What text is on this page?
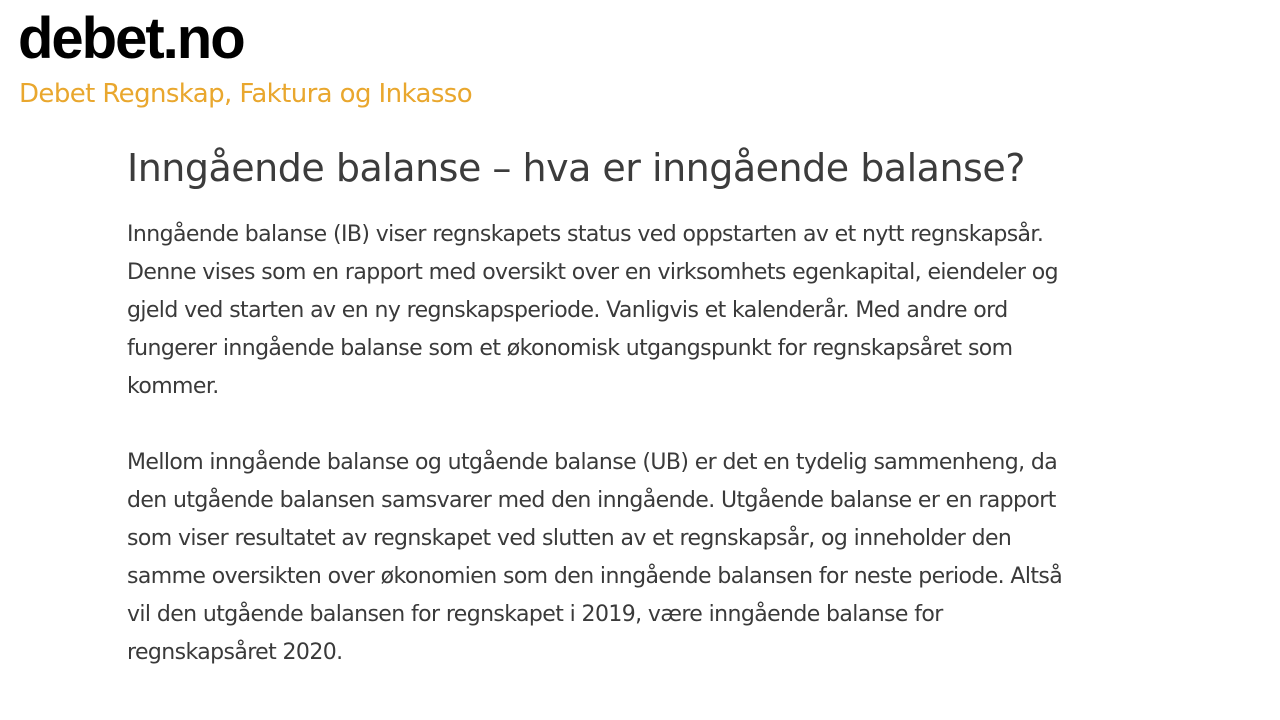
debet.no
Debet Regnskap, Faktura og Inkasso
Inngående balanse – hva er inngående balanse?

Inngående balanse (IB) viser regnskapets status ved oppstarten av et nytt regnskapsår.
Denne vises som en rapport med oversikt over en virksomhets egenkapital, eiendeler og
gjeld ved starten av en ny regnskapsperiode. Vanligvis et kalenderår. Med andre ord
fungerer inngående balanse som et økonomisk utgangspunkt for regnskapsåret som
kommer.

Mellom inngående balanse og utgående balanse (UB) er det en tydelig sammenheng, da
den utgående balansen samsvarer med den inngående. Utgående balanse er en rapport
som viser resultatet av regnskapet ved slutten av et regnskapsår, og inneholder den
samme oversikten over økonomien som den inngående balansen for neste periode. Altså
vil den utgående balansen for regnskapet i 2019, være inngående balanse for
regnskapsåret 2020.
